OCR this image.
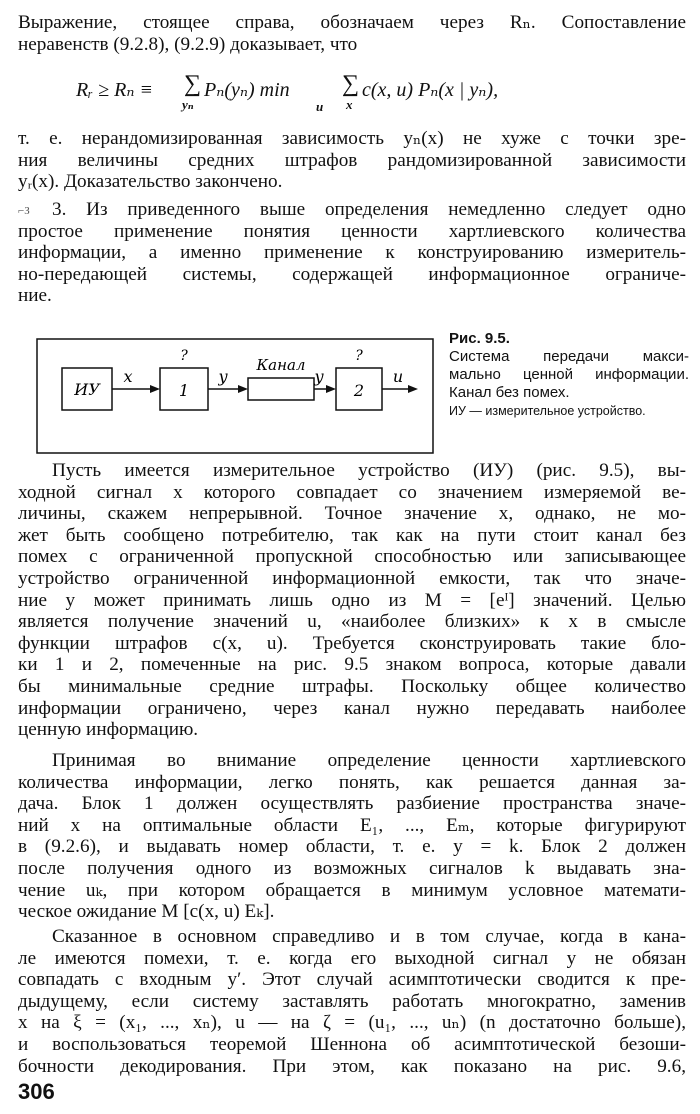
Выражение, стоящее справа, обозначаем через Rₙ. Сопоставление
неравенств (9.2.8), (9.2.9) доказывает, что
Rᵣ ≥ Rₙ ≡ ∑
yₙ
Pₙ(yₙ) min
u
∑
x
c(x, u) Pₙ(x | yₙ),
т. е. нерандомизированная зависимость yₙ(x) не хуже с точки зре-
ния величины средних штрафов рандомизированной зависимости
yᵣ(x). Доказательство закончено.
⌐З	3. Из приведенного выше определения немедленно следует одно
простое применение понятия ценности хартлиевского количества
информации, а именно применение к конструированию измеритель-
но-передающей системы, содержащей информационное ограниче-
ние.
ИУ
x
1
?
y
Канал
y
2
?
u
Рис. 9.5.
Система передачи макси-
мально ценной информации.
Канал без помех.
ИУ — измерительное устройство.
Пусть имеется измерительное устройство (ИУ) (рис. 9.5), вы-
ходной сигнал x которого совпадает со значением измеряемой ве-
личины, скажем непрерывной. Точное значение x, однако, не мо-
жет быть сообщено потребителю, так как на пути стоит канал без
помех с ограниченной пропускной способностью или записывающее
устройство ограниченной информационной емкости, так что значе-
ние y может принимать лишь одно из M = [eᴵ] значений. Целью
является получение значений u, «наиболее близких» к x в смысле
функции штрафов c(x, u). Требуется сконструировать такие бло-
ки 1 и 2, помеченные на рис. 9.5 знаком вопроса, которые давали
бы минимальные средние штрафы. Поскольку общее количество
информации ограничено, через канал нужно передавать наиболее
ценную информацию.
Принимая во внимание определение ценности хартлиевского
количества информации, легко понять, как решается данная за-
дача. Блок 1 должен осуществлять разбиение пространства значе-
ний x на оптимальные области E₁, ..., Eₘ, которые фигурируют
в (9.2.6), и выдавать номер области, т. е. y = k. Блок 2 должен
после получения одного из возможных сигналов k выдавать зна-
чение uₖ, при котором обращается в минимум условное математи-
ческое ожидание M [c(x, u) Eₖ].
Сказанное в основном справедливо и в том случае, когда в кана-
ле имеются помехи, т. е. когда его выходной сигнал y не обязан
совпадать с входным y′. Этот случай асимптотически сводится к пре-
дыдущему, если систему заставлять работать многократно, заменив
x на ξ = (x₁, ..., xₙ), u — на ζ = (u₁, ..., uₙ) (n достаточно больше),
и воспользоваться теоремой Шеннона об асимптотической безоши-
бочности декодирования. При этом, как показано на рис. 9.6,
306
